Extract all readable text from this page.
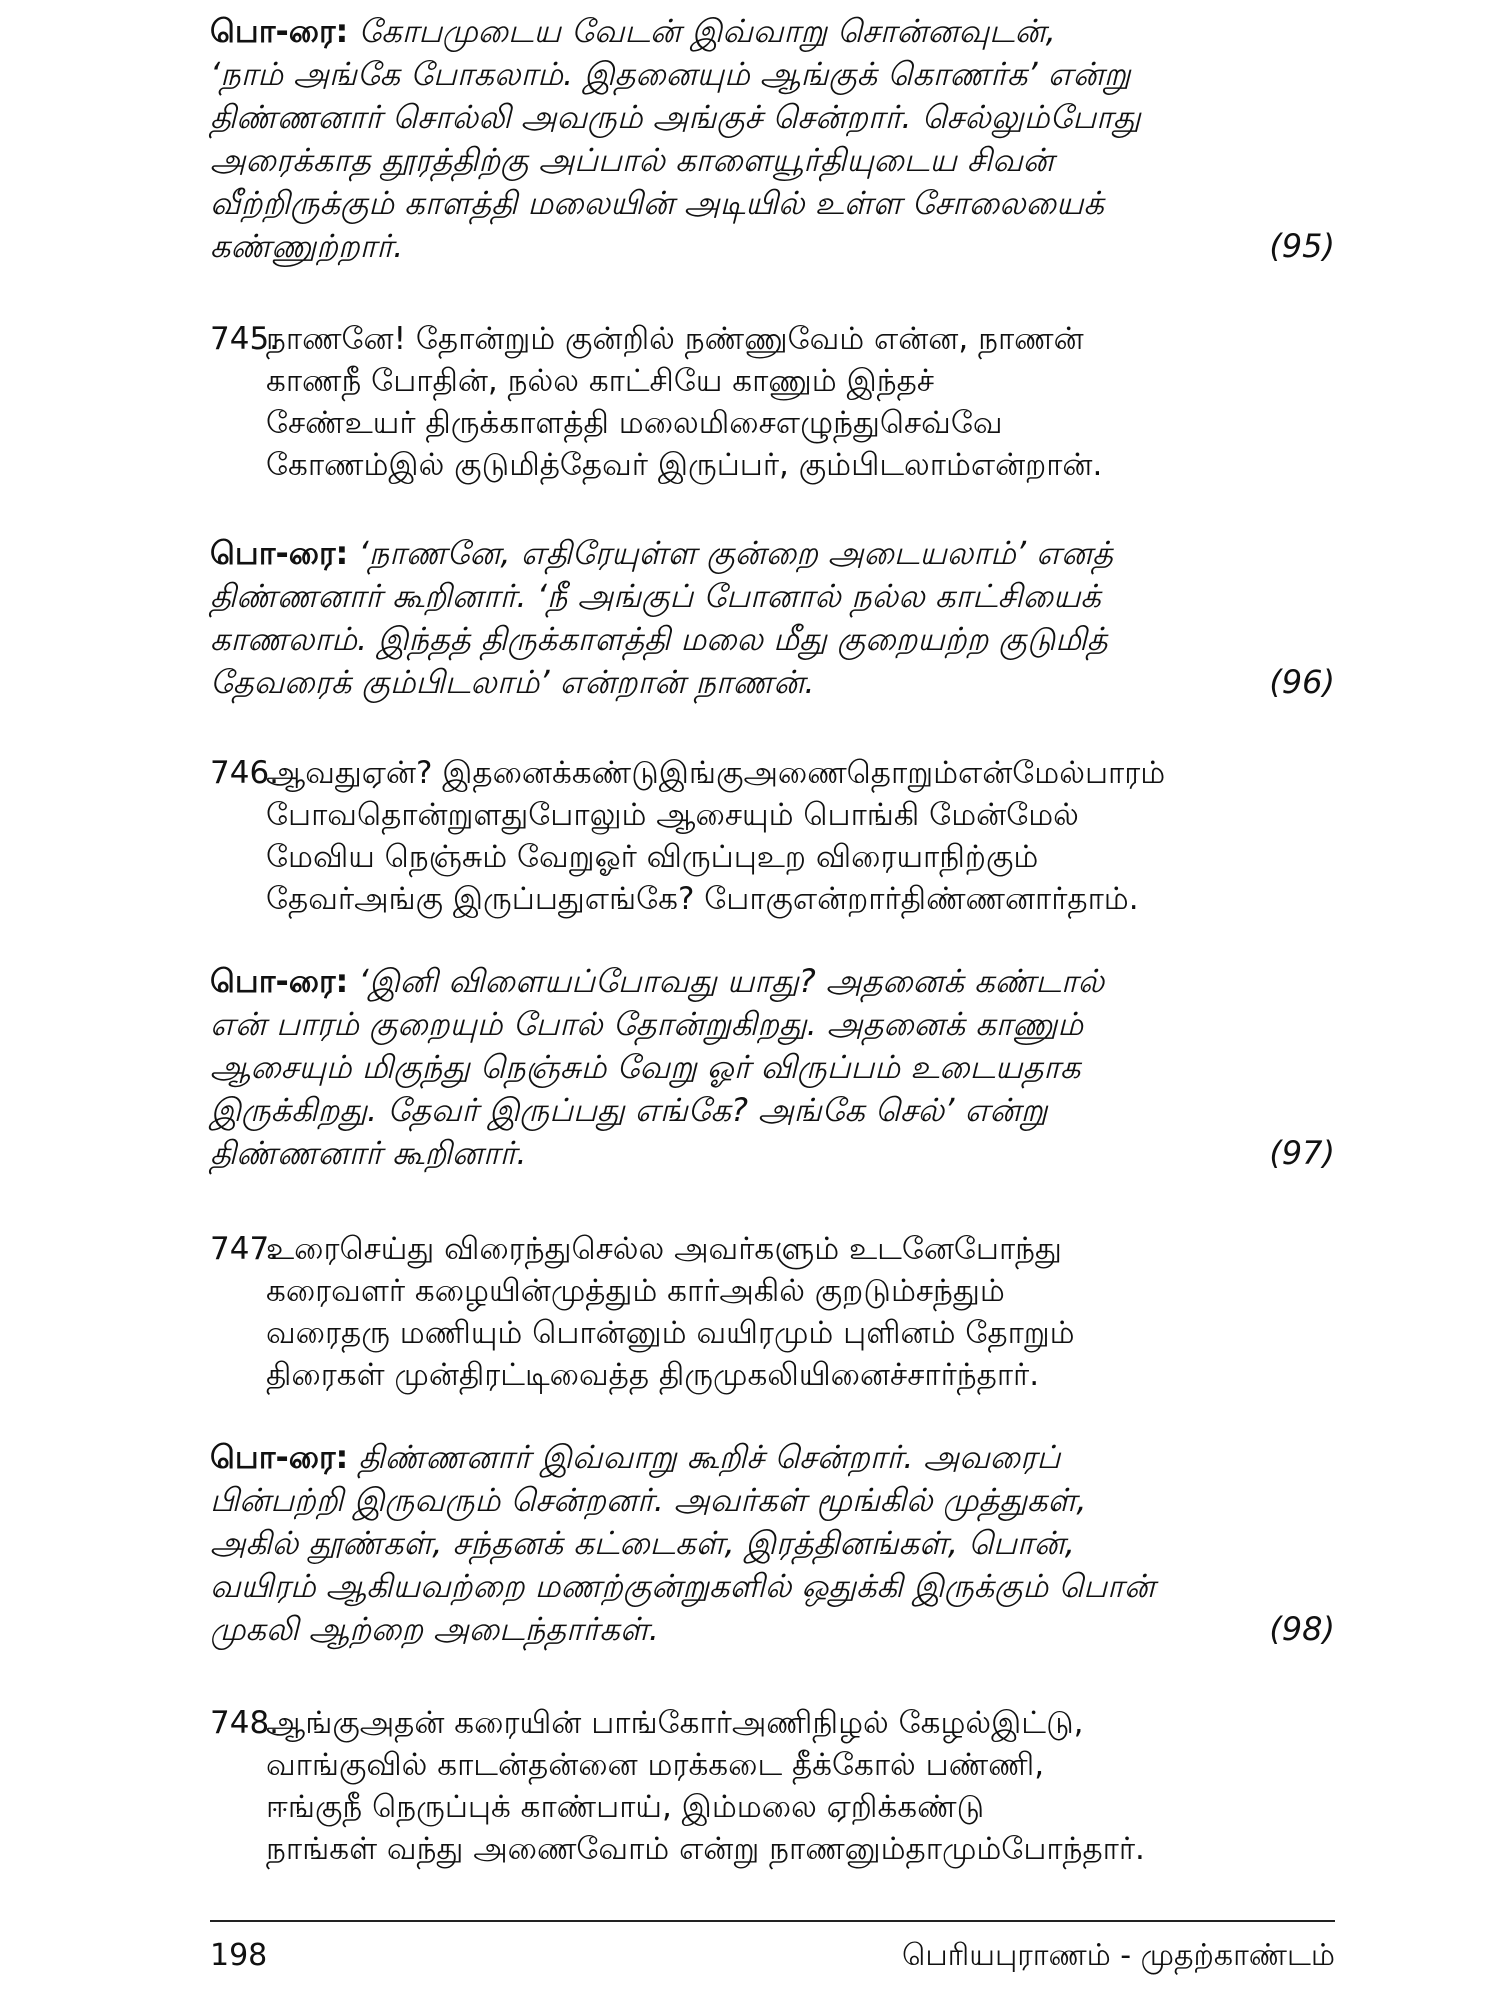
பொ-ரை: கோபமுடைய வேடன் இவ்வாறு சொன்னவுடன்,
‘நாம் அங்கே போகலாம். இதனையும் ஆங்குக் கொணர்க’ என்று
திண்ணனார் சொல்லி அவரும் அங்குச் சென்றார். செல்லும்போது
அரைக்காத தூரத்திற்கு அப்பால் காளையூர்தியுடைய சிவன்
வீற்றிருக்கும் காளத்தி மலையின் அடியில் உள்ள சோலையைக்
கண்ணுற்றார்.	(95)
745.
நாணனே! தோன்றும் குன்றில் நண்ணுவேம் என்ன, நாணன்
காணநீ போதின், நல்ல காட்சியே காணும் இந்தச்
சேண்உயர் திருக்காளத்தி மலைமிசைஎழுந்துசெவ்வே
கோணம்இல் குடுமித்தேவர் இருப்பர், கும்பிடலாம்என்றான்.
பொ-ரை: ‘நாணனே, எதிரேயுள்ள குன்றை அடையலாம்’ எனத்
திண்ணனார் கூறினார். ‘நீ அங்குப் போனால் நல்ல காட்சியைக்
காணலாம். இந்தத் திருக்காளத்தி மலை மீது குறையற்ற குடுமித்
தேவரைக் கும்பிடலாம்’ என்றான் நாணன்.	(96)
746.
ஆவதுஏன்? இதனைக்கண்டுஇங்குஅணைதொறும்என்மேல்பாரம்
போவதொன்றுளதுபோலும் ஆசையும் பொங்கி மேன்மேல்
மேவிய நெஞ்சும் வேறுஓர் விருப்புஉற விரையாநிற்கும்
தேவர்அங்கு இருப்பதுஎங்கே? போகுஎன்றார்திண்ணனார்தாம்.
பொ-ரை: ‘இனி விளையப்போவது யாது? அதனைக் கண்டால்
என் பாரம் குறையும் போல் தோன்றுகிறது. அதனைக் காணும்
ஆசையும் மிகுந்து நெஞ்சும் வேறு ஓர் விருப்பம் உடையதாக
இருக்கிறது. தேவர் இருப்பது எங்கே? அங்கே செல்’ என்று
திண்ணனார் கூறினார்.	(97)
747.
உரைசெய்து விரைந்துசெல்ல அவர்களும் உடனேபோந்து
கரைவளர் கழையின்முத்தும் கார்அகில் குறடும்சந்தும்
வரைதரு மணியும் பொன்னும் வயிரமும் புளினம் தோறும்
திரைகள் முன்திரட்டிவைத்த திருமுகலியினைச்சார்ந்தார்.
பொ-ரை: திண்ணனார் இவ்வாறு கூறிச் சென்றார். அவரைப்
பின்பற்றி இருவரும் சென்றனர். அவர்கள் மூங்கில் முத்துகள்,
அகில் தூண்கள், சந்தனக் கட்டைகள், இரத்தினங்கள், பொன்,
வயிரம் ஆகியவற்றை மணற்குன்றுகளில் ஒதுக்கி இருக்கும் பொன்
முகலி ஆற்றை அடைந்தார்கள்.	(98)
748.
ஆங்குஅதன் கரையின் பாங்கோர்அணிநிழல் கேழல்இட்டு,
வாங்குவில் காடன்தன்னை மரக்கடை தீக்கோல் பண்ணி,
ஈங்குநீ நெருப்புக் காண்பாய், இம்மலை ஏறிக்கண்டு
நாங்கள் வந்து அணைவோம் என்று நாணனும்தாமும்போந்தார்.
198	பெரியபுராணம் - முதற்காண்டம்
